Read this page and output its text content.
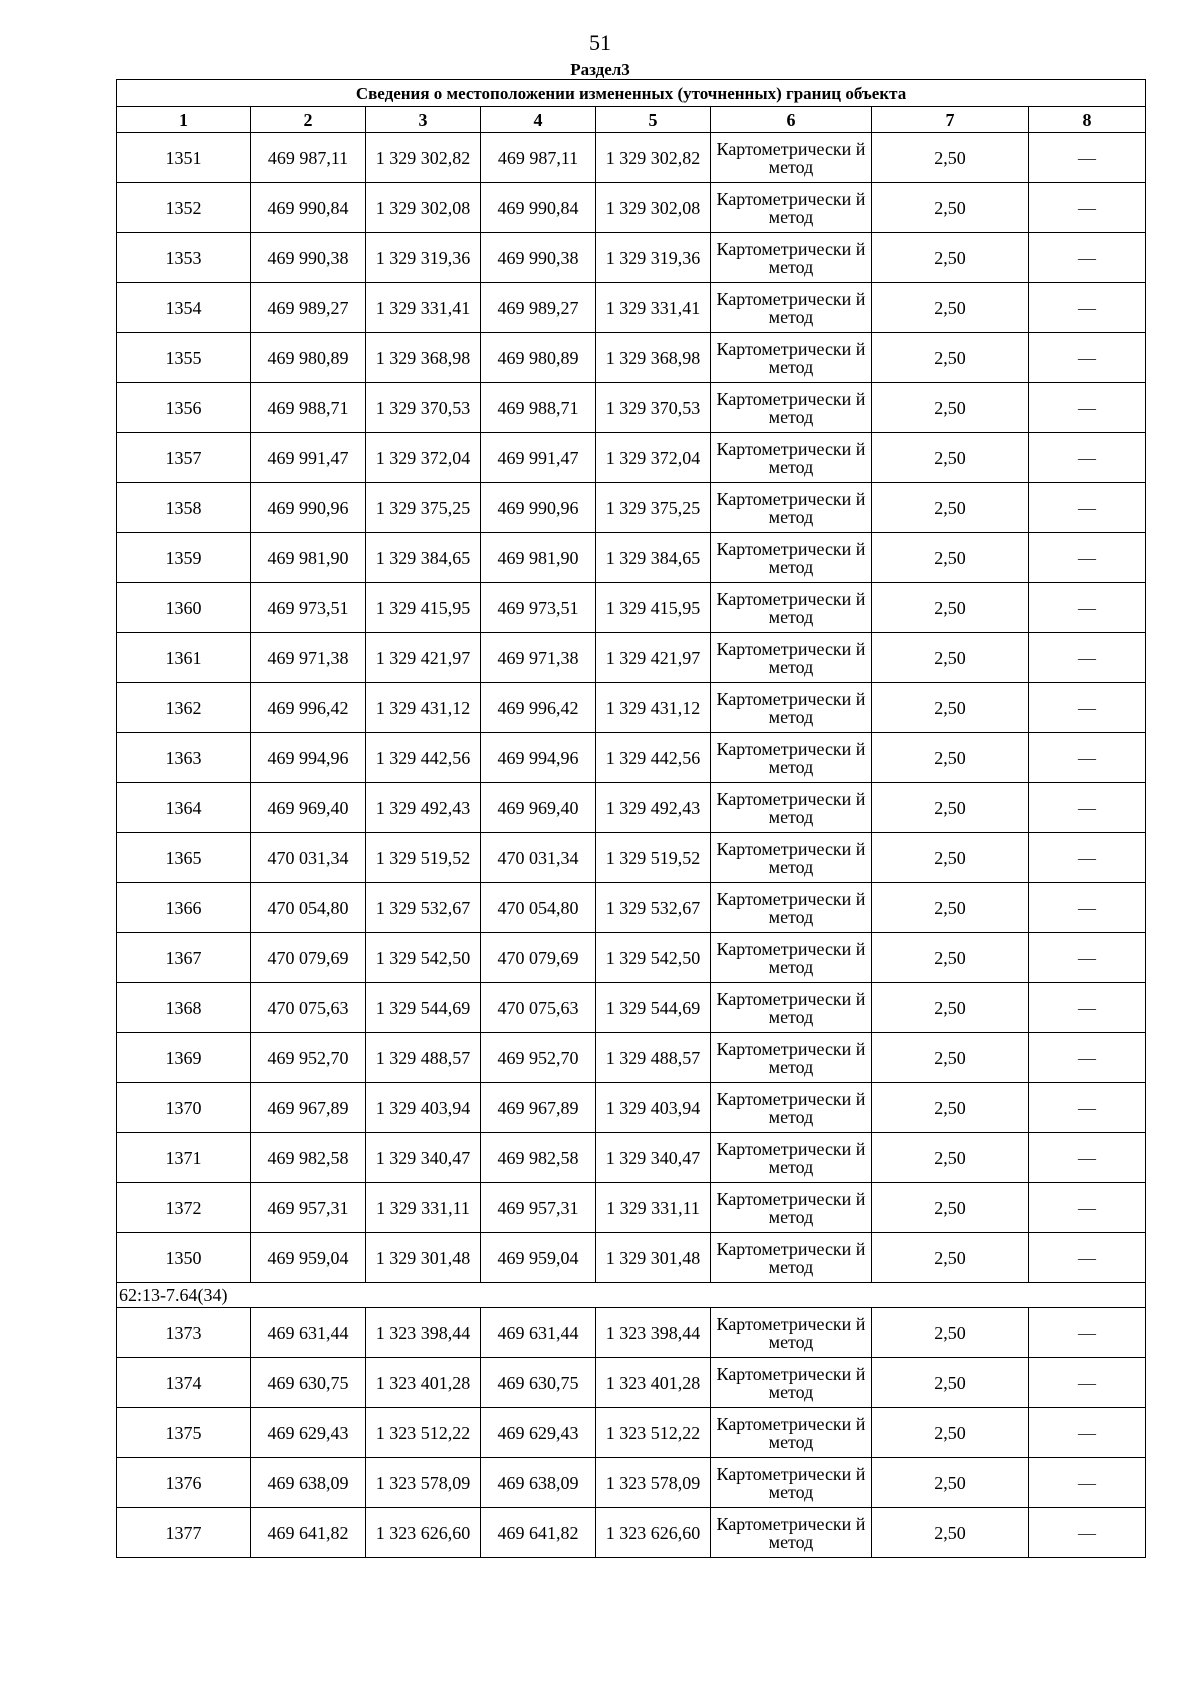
51
Раздел3
Сведения о местоположении измененных (уточненных) границ объекта							
1	2	3	4	5	6	7	8
1351	469 987,11	1 329 302,82	469 987,11	1 329 302,82	Картометрически й метод	2,50	—
1352	469 990,84	1 329 302,08	469 990,84	1 329 302,08	Картометрически й метод	2,50	—
1353	469 990,38	1 329 319,36	469 990,38	1 329 319,36	Картометрически й метод	2,50	—
1354	469 989,27	1 329 331,41	469 989,27	1 329 331,41	Картометрически й метод	2,50	—
1355	469 980,89	1 329 368,98	469 980,89	1 329 368,98	Картометрически й метод	2,50	—
1356	469 988,71	1 329 370,53	469 988,71	1 329 370,53	Картометрически й метод	2,50	—
1357	469 991,47	1 329 372,04	469 991,47	1 329 372,04	Картометрически й метод	2,50	—
1358	469 990,96	1 329 375,25	469 990,96	1 329 375,25	Картометрически й метод	2,50	—
1359	469 981,90	1 329 384,65	469 981,90	1 329 384,65	Картометрически й метод	2,50	—
1360	469 973,51	1 329 415,95	469 973,51	1 329 415,95	Картометрически й метод	2,50	—
1361	469 971,38	1 329 421,97	469 971,38	1 329 421,97	Картометрически й метод	2,50	—
1362	469 996,42	1 329 431,12	469 996,42	1 329 431,12	Картометрически й метод	2,50	—
1363	469 994,96	1 329 442,56	469 994,96	1 329 442,56	Картометрически й метод	2,50	—
1364	469 969,40	1 329 492,43	469 969,40	1 329 492,43	Картометрически й метод	2,50	—
1365	470 031,34	1 329 519,52	470 031,34	1 329 519,52	Картометрически й метод	2,50	—
1366	470 054,80	1 329 532,67	470 054,80	1 329 532,67	Картометрически й метод	2,50	—
1367	470 079,69	1 329 542,50	470 079,69	1 329 542,50	Картометрически й метод	2,50	—
1368	470 075,63	1 329 544,69	470 075,63	1 329 544,69	Картометрически й метод	2,50	—
1369	469 952,70	1 329 488,57	469 952,70	1 329 488,57	Картометрически й метод	2,50	—
1370	469 967,89	1 329 403,94	469 967,89	1 329 403,94	Картометрически й метод	2,50	—
1371	469 982,58	1 329 340,47	469 982,58	1 329 340,47	Картометрически й метод	2,50	—
1372	469 957,31	1 329 331,11	469 957,31	1 329 331,11	Картометрически й метод	2,50	—
1350	469 959,04	1 329 301,48	469 959,04	1 329 301,48	Картометрически й метод	2,50	—
62:13-7.64(34)							
1373	469 631,44	1 323 398,44	469 631,44	1 323 398,44	Картометрически й метод	2,50	—
1374	469 630,75	1 323 401,28	469 630,75	1 323 401,28	Картометрически й метод	2,50	—
1375	469 629,43	1 323 512,22	469 629,43	1 323 512,22	Картометрически й метод	2,50	—
1376	469 638,09	1 323 578,09	469 638,09	1 323 578,09	Картометрически й метод	2,50	—
1377	469 641,82	1 323 626,60	469 641,82	1 323 626,60	Картометрически й метод	2,50	—
